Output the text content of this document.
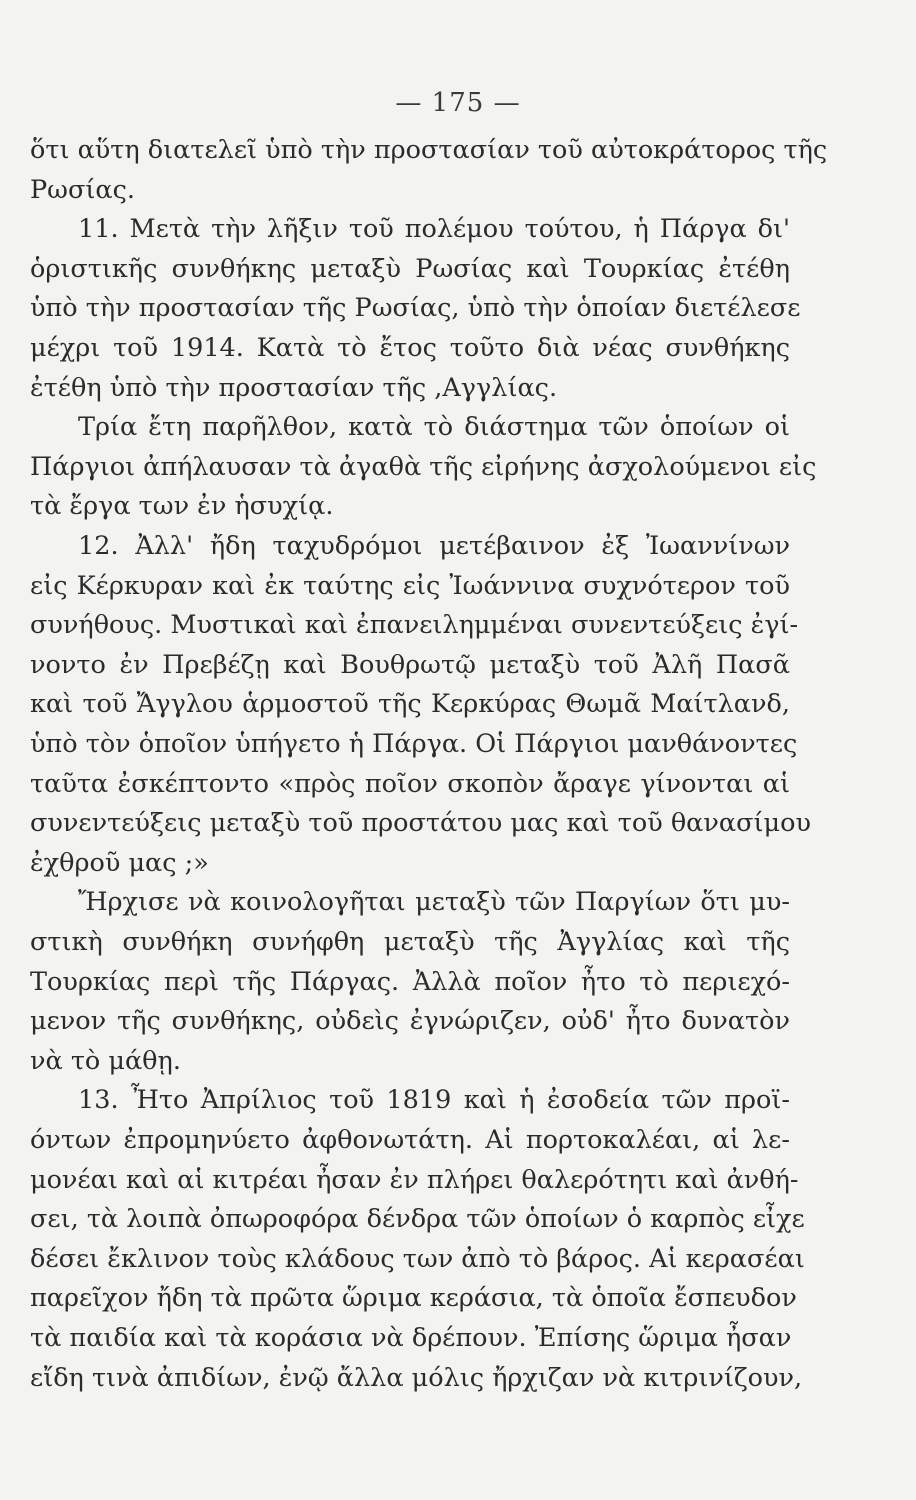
— 175 —
ὅτι αὕτη διατελεῖ ὑπὸ τὴν προστασίαν τοῦ αὐτοκράτορος τῆς
Ρωσίας.
11. Μετὰ τὴν λῆξιν τοῦ πολέμου τούτου, ἡ Πάργα δι'
ὁριστικῆς συνθήκης μεταξὺ Ρωσίας καὶ Τουρκίας ἐτέθη
ὑπὸ τὴν προστασίαν τῆς Ρωσίας, ὑπὸ τὴν ὁποίαν διετέλεσε
μέχρι τοῦ 1914. Κατὰ τὸ ἔτος τοῦτο διὰ νέας συνθήκης
ἐτέθη ὑπὸ τὴν προστασίαν τῆς ,Αγγλίας.
Τρία ἔτη παρῆλθον, κατὰ τὸ διάστημα τῶν ὁποίων οἱ
Πάργιοι ἀπήλαυσαν τὰ ἀγαθὰ τῆς εἰρήνης ἀσχολούμενοι εἰς
τὰ ἔργα των ἐν ἡσυχίᾳ.
12. Ἀλλ' ἤδη ταχυδρόμοι μετέβαινον ἐξ Ἰωαννίνων
εἰς Κέρκυραν καὶ ἐκ ταύτης εἰς Ἰωάννινα συχνότερον τοῦ
συνήθους. Μυστικαὶ καὶ ἐπανειλημμέναι συνεντεύξεις ἐγί-
νοντο ἐν Πρεβέζῃ καὶ Βουθρωτῷ μεταξὺ τοῦ Ἀλῆ Πασᾶ
καὶ τοῦ Ἄγγλου ἁρμοστοῦ τῆς Κερκύρας Θωμᾶ Μαίτλανδ,
ὑπὸ τὸν ὁποῖον ὑπήγετο ἡ Πάργα. Οἱ Πάργιοι μανθάνοντες
ταῦτα ἐσκέπτοντο «πρὸς ποῖον σκοπὸν ἄραγε γίνονται αἱ
συνεντεύξεις μεταξὺ τοῦ προστάτου μας καὶ τοῦ θανασίμου
ἐχθροῦ μας ;»
Ἤρχισε νὰ κοινολογῆται μεταξὺ τῶν Παργίων ὅτι μυ-
στικὴ συνθήκη συνήφθη μεταξὺ τῆς Ἀγγλίας καὶ τῆς
Τουρκίας περὶ τῆς Πάργας. Ἀλλὰ ποῖον ἦτο τὸ περιεχό-
μενον τῆς συνθήκης, οὐδεὶς ἐγνώριζεν, οὐδ' ἦτο δυνατὸν
νὰ τὸ μάθῃ.
13. Ἦτο Ἀπρίλιος τοῦ 1819 καὶ ἡ ἐσοδεία τῶν προϊ-
όντων ἐπρομηνύετο ἀφθονωτάτη. Αἱ πορτοκαλέαι, αἱ λε-
μονέαι καὶ αἱ κιτρέαι ἦσαν ἐν πλήρει θαλερότητι καὶ ἀνθή-
σει, τὰ λοιπὰ ὀπωροφόρα δένδρα τῶν ὁποίων ὁ καρπὸς εἶχε
δέσει ἔκλινον τοὺς κλάδους των ἀπὸ τὸ βάρος. Αἱ κερασέαι
παρεῖχον ἤδη τὰ πρῶτα ὥριμα κεράσια, τὰ ὁποῖα ἔσπευδον
τὰ παιδία καὶ τὰ κοράσια νὰ δρέπουν. Ἐπίσης ὥριμα ἦσαν
εἴδη τινὰ ἀπιδίων, ἐνῷ ἄλλα μόλις ἤρχιζαν νὰ κιτρινίζουν,
